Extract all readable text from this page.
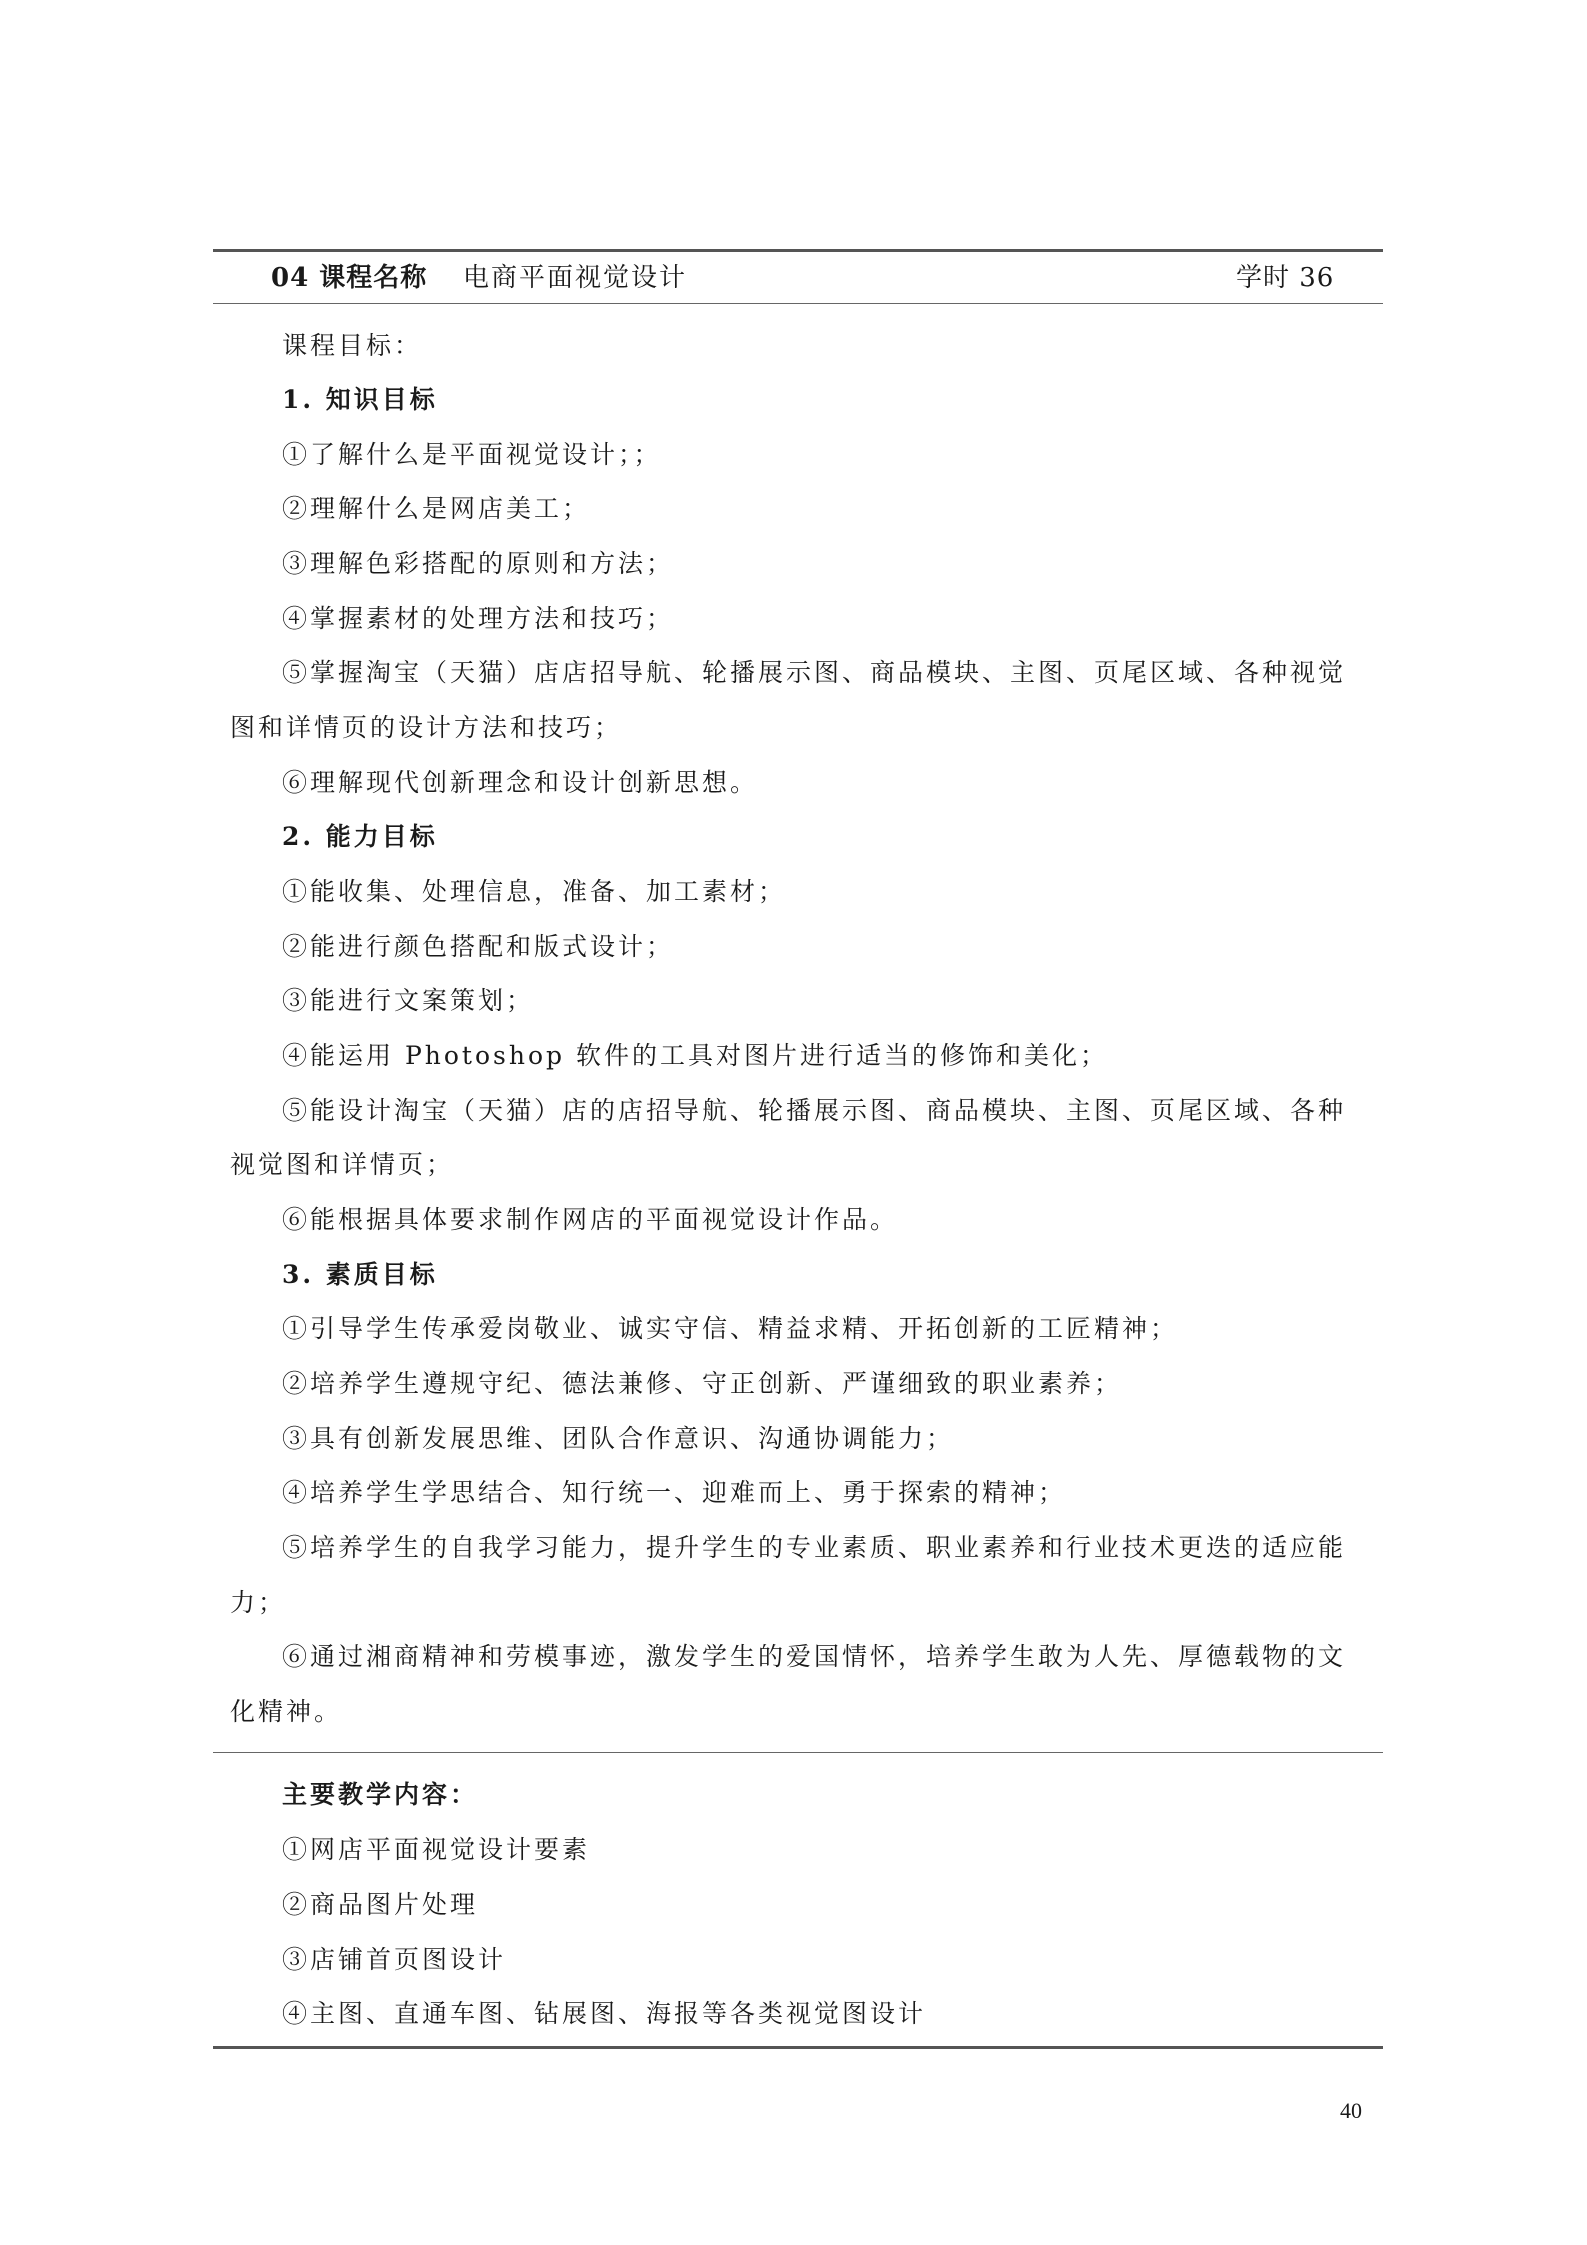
04 课程名称 电商平面视觉设计	学时 36
课程目标：
1. 知识目标
①了解什么是平面视觉设计；；
②理解什么是网店美工；
③理解色彩搭配的原则和方法；
④掌握素材的处理方法和技巧；
⑤掌握淘宝（天猫）店店招导航、轮播展示图、商品模块、主图、页尾区域、各种视觉
图和详情页的设计方法和技巧；
⑥理解现代创新理念和设计创新思想。
2. 能力目标
①能收集、处理信息，准备、加工素材；
②能进行颜色搭配和版式设计；
③能进行文案策划；
④能运用 Photoshop 软件的工具对图片进行适当的修饰和美化；
⑤能设计淘宝（天猫）店的店招导航、轮播展示图、商品模块、主图、页尾区域、各种
视觉图和详情页；
⑥能根据具体要求制作网店的平面视觉设计作品。
3. 素质目标
①引导学生传承爱岗敬业、诚实守信、精益求精、开拓创新的工匠精神；
②培养学生遵规守纪、德法兼修、守正创新、严谨细致的职业素养；
③具有创新发展思维、团队合作意识、沟通协调能力；
④培养学生学思结合、知行统一、迎难而上、勇于探索的精神；
⑤培养学生的自我学习能力，提升学生的专业素质、职业素养和行业技术更迭的适应能
力；
⑥通过湘商精神和劳模事迹，激发学生的爱国情怀，培养学生敢为人先、厚德载物的文
化精神。
主要教学内容：
①网店平面视觉设计要素
②商品图片处理
③店铺首页图设计
④主图、直通车图、钻展图、海报等各类视觉图设计
40
